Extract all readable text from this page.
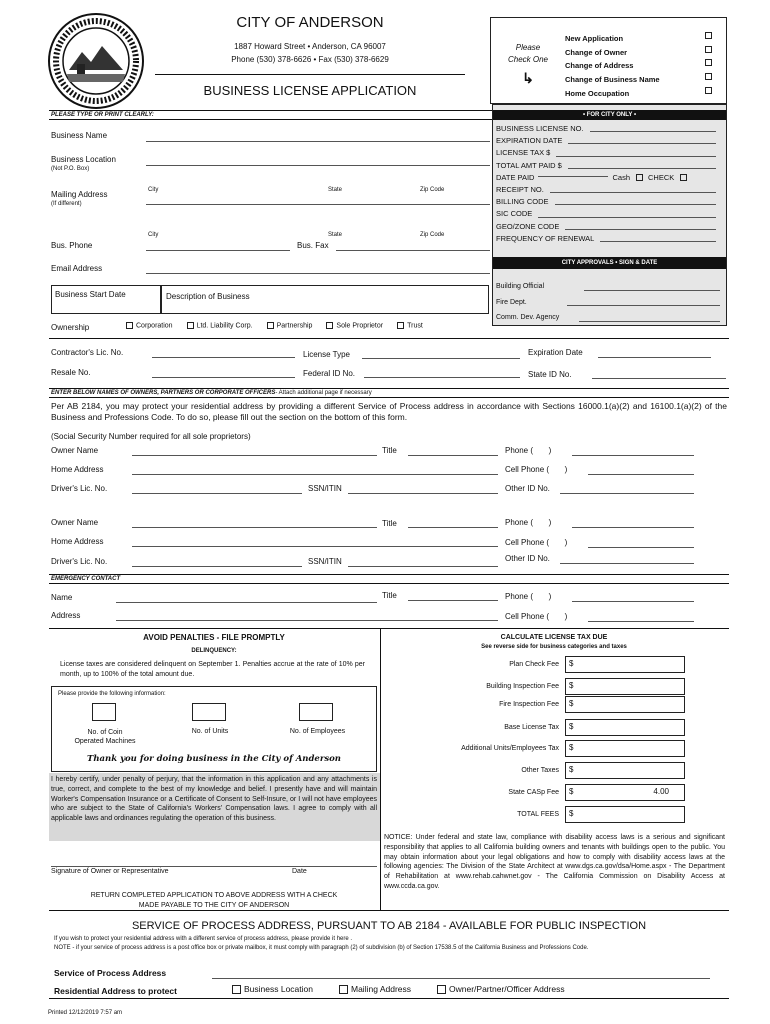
CITY OF ANDERSON
1887 Howard Street • Anderson, CA 96007
Phone (530) 378-6626 • Fax (530) 378-6629
BUSINESS LICENSE APPLICATION
Please
Check One
↳
New Application
Change of Owner
Change of Address
Change of Business Name
Home Occupation
PLEASE TYPE OR PRINT CLEARLY:
Business Name
Business Location
(Not P.O. Box)
City	State	Zip Code
Mailing Address
(If different)
City	State	Zip Code
Bus. Phone	Bus. Fax
Email Address
Business Start Date	Description of Business
• FOR CITY ONLY •
BUSINESS LICENSE NO.
EXPIRATION DATE
LICENSE TAX $
TOTAL AMT PAID $
DATE PAID	Cash CHECK
RECEIPT NO.
BILLING CODE
SIC CODE
GEO/ZONE CODE
FREQUENCY OF RENEWAL
CITY APPROVALS • SIGN & DATE
Building Official
Fire Dept.
Comm. Dev. Agency
Ownership	Corporation	Ltd. Liability Corp.	Partnership	Sole Proprietor	Trust
Contractor's Lic. No.	License Type	Expiration Date
Resale No.	Federal ID No.	State ID No.
ENTER BELOW NAMES OF OWNERS, PARTNERS OR CORPORATE OFFICERS- Attach additional page if necessary
Per AB 2184, you may protect your residential address by providing a different Service of Process address in accordance with Sections 16000.1(a)(2) and 16100.1(a)(2) of the Business and Professions Code. To do so, please fill out the section on the bottom of this form.
(Social Security Number required for all sole proprietors)
Owner Name	Title	Phone (       )
Home Address	Cell Phone (       )
Driver's Lic. No.	SSN/ITIN	Other ID No.
Owner Name	Title	Phone (       )
Home Address	Cell Phone (       )
Driver's Lic. No.	SSN/ITIN	Other ID No.
EMERGENCY CONTACT
Name	Title	Phone (       )
Address	Cell Phone (       )
AVOID PENALTIES - FILE PROMPTLY
DELINQUENCY:
License taxes are considered delinquent on September 1. Penalties accrue at the rate of 10% per month, up to 100% of the total amount due.
Please provide the following information:
No. of Coin
Operated Machines
No. of Units	No. of Employees
Thank you for doing business in the City of Anderson
I hereby certify, under penalty of perjury, that the information in this application and any attachments is true, correct, and complete to the best of my knowledge and belief. I presently have and will maintain Worker's Compensation Insurance or a Certificate of Consent to Self-Insure, or I will not have employees who are subject to the State of California's Workers' Compensation laws. I agree to comply with all applicable laws and ordinances regulating the operation of this business.
Signature of Owner or Representative	Date
RETURN COMPLETED APPLICATION TO ABOVE ADDRESS WITH A CHECK
MADE PAYABLE TO THE CITY OF ANDERSON
CALCULATE LICENSE TAX DUE
See reverse side for business categories and taxes
Plan Check Fee $
Building Inspection Fee $
Fire Inspection Fee $
Base License Tax $
Additional Units/Employees Tax $
Other Taxes $
State CASp Fee $	4.00
TOTAL FEES $
NOTICE: Under federal and state law, compliance with disability access laws is a serious and significant responsibility that applies to all California building owners and tenants with buildings open to the public. You may obtain information about your legal obligations and how to comply with disability access laws at the following agencies: The Division of the State Architect at www.dgs.ca.gov/dsa/Home.aspx - The Department of Rehabilitation at www.rehab.cahwnet.gov - The California Commission on Disability Access at www.ccda.ca.gov.
SERVICE OF PROCESS ADDRESS, PURSUANT TO AB 2184 - AVAILABLE FOR PUBLIC INSPECTION
If you wish to protect your residential address with a different service of process address, please provide it here .
NOTE - if your service of process address is a post office box or private mailbox, it must comply with paragraph (2) of subdivision (b) of Section 17538.5 of the California Business and Professions Code.
Service of Process Address
Residential Address to protect	Business Location	Mailing Address	Owner/Partner/Officer Address
Printed 12/12/2019 7:57 am
